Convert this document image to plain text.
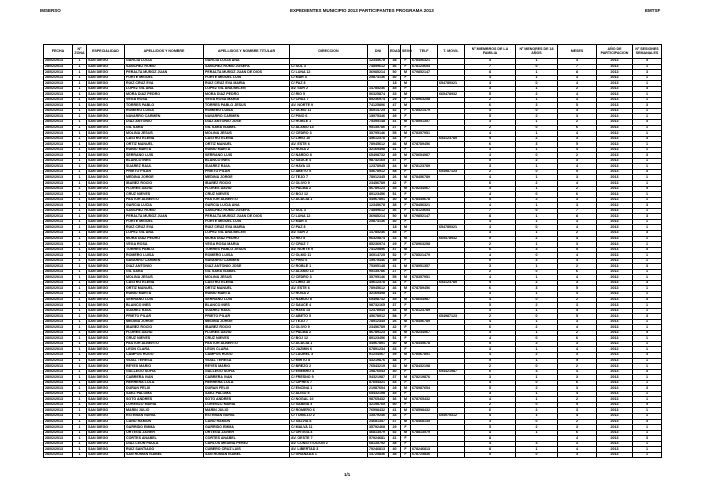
IMSERSO	EXPEDIENTES MUNICIPIO 2013 PARTICIPANTES PROGRAMA 2013	EMTSF
FECHA	Nº ZONA	ESPECIALIDAD	APELLIDOS Y NOMBRE	APELLIDOS Y NOMBRE TITULAR	DIRECCION	DNI	EDAD	SEXO	TELF	T. MOVIL	Nº MIEMBROS DE LA FAMILIA	Nº MENORES DE 18 AÑOS	MESES	AÑO DE PARTICIPACION	Nº SESIONES SEMANALES
28/02/2013	1	SAN DIEGO	GARCIA LUCIA	GARCIA LUCIA ANA		12345678	38	F	678456321		4	1	3	2013	3
28/02/2013	1	SAN DIEGO	SANCHEZ ROMO	SANCHEZ ROMO JOSEFA	C/ SOL 3	74859612	36	F	678123654		7	0	7	2013	1
28/02/2013	1	SAN DIEGO	PERALTA MUÑOZ JUAN	PERALTA MUÑOZ JUAN DE DIOS	C/ LUNA 12	36985214	50	M	679852147		8	1	8	2013	3
28/02/2013	1	SAN DIEGO	FORTE MIGUEL	FORTE MIGUEL LUIS	C/ MAR 4	25874136	40	F			4	1	3	2013	1
28/02/2013	1	SAN DIEGO	RUIZ CRUZ EVA	RUIZ CRUZ EVA MARIA	C/ PAZ 8		18	M		654789321	4	0	4	2013	1
28/02/2013	1	SAN DIEGO	LOPEZ GIL ANA	LOPEZ GIL ANA BELEN	AV. SUR 2	14785236	45	F			3	1	2	2013	3
28/02/2013	1	SAN DIEGO	MORA DIAZ PEDRO	MORA DIAZ PEDRO	C/ RIO 5	96325874	33	M		665478932	5	2	4	2013	1
28/02/2013	1	SAN DIEGO	VEGA ROSA	VEGA ROSA MARIA	C/ CRUZ 7	85236974	29	F	678963258		2	1	3	2013	1
28/02/2013	1	SAN DIEGO	TORRES PABLO	TORRES PABLO JESUS	AV. NORTE 9	74125896	47	M			6	3	5	2013	3
28/02/2013	1	SAN DIEGO	ROMERO LUISA	ROMERO LUISA	C/ OLMO 11	36914725	52	F	678521479		4	0	4	2013	1
28/02/2013	1	SAN DIEGO	NAVARRO CARMEN	NAVARRO CARMEN	C/ PINO 6	15975346	39	F			5	2	3	2013	1
28/02/2013	1	SAN DIEGO	DIAZ ANTONIO	DIAZ ANTONIO JOSE	C/ ROBLE 1	75395148	41	M	678951357		3	1	2	2013	3
28/02/2013	1	SAN DIEGO	GIL SARA	GIL SARA ISABEL	C/ ALAMO 14	95135786	27	F			2	0	6	2013	1
28/02/2013	1	SAN DIEGO	MOLINA JESUS	MOLINA JESUS	C/ CEDRO 3	35795146	55	M	678357951		4	1	4	2013	1
28/02/2013	1	SAN DIEGO	CASTRO ELENA	CASTRO ELENA	C/ LIRIO 10	45612378	34	F		654123789	5	2	3	2013	3
28/02/2013	1	SAN DIEGO	ORTIZ MANUEL	ORTIZ MANUEL	AV. ESTE 6	78945612	46	M	678789456		6	3	5	2013	1
28/02/2013	1	SAN DIEGO	RUBIO MARTA	RUBIO MARTA	C/ ROSA 2	32165498	31	F			3	1	4	2013	1
28/02/2013	1	SAN DIEGO	SERRANO LUIS	SERRANO LUIS	C/ NARDO 8	65498732	49	M	678654987		4	0	2	2013	3
28/02/2013	1	SAN DIEGO	BLANCO INES	BLANCO INES	C/ SAUCE 4	98732165	37	F			5	2	3	2013	1
28/02/2013	1	SAN DIEGO	SUAREZ RAUL	SUAREZ RAUL	C/ HAYA 13	12378945	44	M	678123789		3	1	4	2013	1
28/02/2013	1	SAN DIEGO	PRIETO PILAR	PRIETO PILAR	C/ ABETO 5	45678912	58	F		654987123	2	0	5	2013	3
28/02/2013	1	SAN DIEGO	MEDINA JORGE	MEDINA JORGE	C/ TEJO 7	78912345	26	M	678456789		4	1	3	2013	1
28/02/2013	1	SAN DIEGO	IBAÑEZ ROCIO	IBAÑEZ ROCIO	C/ OLIVO 9	23456789	42	F			6	2	4	2013	1
28/02/2013	1	SAN DIEGO	FLORES DAVID	FLORES DAVID	C/ PALMA 2	56789123	35	M	678234567		3	1	2	2013	3
28/02/2013	1	SAN DIEGO	CRUZ NIEVES	CRUZ NIEVES	C/ BOJ 12	89123456	51	F			4	0	6	2013	1
28/02/2013	1	SAN DIEGO	PASTOR ALBERTO	PASTOR ALBERTO	C/ ACACIA 1	34567891	30	M	678345678		5	2	3	2013	1
28/02/2013	1	SAN DIEGO	GARCIA LUCIA	GARCIA LUCIA ANA		12345678	38	F	678456321		4	1	3	2013	3
28/02/2013	1	SAN DIEGO	SANCHEZ ROMO	SANCHEZ ROMO JOSEFA	C/ SOL 3	74859612	36	F	678123654		7	0	7	2013	1
28/02/2013	1	SAN DIEGO	PERALTA MUÑOZ JUAN	PERALTA MUÑOZ JUAN DE DIOS	C/ LUNA 12	36985214	50	M	679852147		8	1	8	2013	3
28/02/2013	1	SAN DIEGO	FORTE MIGUEL	FORTE MIGUEL LUIS	C/ MAR 4	25874136	40	F			4	1	3	2013	1
28/02/2013	1	SAN DIEGO	RUIZ CRUZ EVA	RUIZ CRUZ EVA MARIA	C/ PAZ 8		18	M		654789321	4	0	4	2013	1
28/02/2013	1	SAN DIEGO	LOPEZ GIL ANA	LOPEZ GIL ANA BELEN	AV. SUR 2	14785236	45	F			3	1	2	2013	3
28/02/2013	1	SAN DIEGO	MORA DIAZ PEDRO	MORA DIAZ PEDRO	C/ RIO 5	96325874	33	M		665478932	5	2	4	2013	1
28/02/2013	1	SAN DIEGO	VEGA ROSA	VEGA ROSA MARIA	C/ CRUZ 7	85236974	29	F	678963258		2	1	3	2013	1
28/02/2013	1	SAN DIEGO	TORRES PABLO	TORRES PABLO JESUS	AV. NORTE 9	74125896	47	M			6	3	5	2013	3
28/02/2013	1	SAN DIEGO	ROMERO LUISA	ROMERO LUISA	C/ OLMO 11	36914725	52	F	678521479		4	0	4	2013	1
28/02/2013	1	SAN DIEGO	NAVARRO CARMEN	NAVARRO CARMEN	C/ PINO 6	15975346	39	F			5	2	3	2013	1
28/02/2013	1	SAN DIEGO	DIAZ ANTONIO	DIAZ ANTONIO JOSE	C/ ROBLE 1	75395148	41	M	678951357		3	1	2	2013	3
28/02/2013	1	SAN DIEGO	GIL SARA	GIL SARA ISABEL	C/ ALAMO 14	95135786	27	F			2	0	6	2013	1
28/02/2013	1	SAN DIEGO	MOLINA JESUS	MOLINA JESUS	C/ CEDRO 3	35795146	55	M	678357951		4	1	4	2013	1
28/02/2013	1	SAN DIEGO	CASTRO ELENA	CASTRO ELENA	C/ LIRIO 10	45612378	34	F		654123789	5	2	3	2013	3
28/02/2013	1	SAN DIEGO	ORTIZ MANUEL	ORTIZ MANUEL	AV. ESTE 6	78945612	46	M	678789456		6	3	5	2013	1
28/02/2013	1	SAN DIEGO	RUBIO MARTA	RUBIO MARTA	C/ ROSA 2	32165498	31	F			3	1	4	2013	1
28/02/2013	1	SAN DIEGO	SERRANO LUIS	SERRANO LUIS	C/ NARDO 8	65498732	49	M	678654987		4	0	2	2013	3
28/02/2013	1	SAN DIEGO	BLANCO INES	BLANCO INES	C/ SAUCE 4	98732165	37	F			5	2	3	2013	1
28/02/2013	1	SAN DIEGO	SUAREZ RAUL	SUAREZ RAUL	C/ HAYA 13	12378945	44	M	678123789		3	1	4	2013	1
28/02/2013	1	SAN DIEGO	PRIETO PILAR	PRIETO PILAR	C/ ABETO 5	45678912	58	F		654987123	2	0	5	2013	3
28/02/2013	1	SAN DIEGO	MEDINA JORGE	MEDINA JORGE	C/ TEJO 7	78912345	26	M	678456789		4	1	3	2013	1
28/02/2013	1	SAN DIEGO	IBAÑEZ ROCIO	IBAÑEZ ROCIO	C/ OLIVO 9	23456789	42	F			6	2	4	2013	1
28/02/2013	1	SAN DIEGO	FLORES DAVID	FLORES DAVID	C/ PALMA 2	56789123	35	M	678234567		3	1	2	2013	3
28/02/2013	1	SAN DIEGO	CRUZ NIEVES	CRUZ NIEVES	C/ BOJ 12	89123456	51	F			4	0	6	2013	1
28/02/2013	1	SAN DIEGO	PASTOR ALBERTO	PASTOR ALBERTO	C/ ACACIA 1	34567891	30	M	678345678		5	2	3	2013	1
28/02/2013	1	SAN DIEGO	LEON CLARA	LEON CLARA	C/ JAZMIN 6	67891234	43	F			3	1	4	2013	1
28/02/2013	1	SAN DIEGO	CAMPOS HUGO	CAMPOS HUGO	C/ LAUREL 3	91234567	39	M	678567891		4	2	3	2013	3
28/02/2013	1	SAN DIEGO	VIDAL TERESA	VIDAL TERESA	C/ MIRTO 8	43219876	48	F			5	1	5	2013	1
28/02/2013	1	SAN DIEGO	REYES MARIO	REYES MARIO	C/ BREZO 2	76543219	32	M	678432198		2	0	2	2013	1
28/02/2013	1	SAN DIEGO	GALLEGO SOFIA	GALLEGO SOFIA	C/ ENEBRO 4	19876543	40	F		654321987	6	3	4	2013	3
28/02/2013	1	SAN DIEGO	CABRERA IVAN	CABRERA IVAN	C/ FRESNO 9	54321987	37	M	678219876		3	1	3	2013	1
28/02/2013	1	SAN DIEGO	HERRERA LOLA	HERRERA LOLA	C/ CIPRES 7	87654321	53	F			4	0	6	2013	1
28/02/2013	1	SAN DIEGO	DURAN FELIX	DURAN FELIX	C/ ENCINA 1	21987654	28	M	678987654		5	2	3	2013	3
28/02/2013	1	SAN DIEGO	SAEZ PALOMA	SAEZ PALOMA	C/ ALISO 5	65432198	45	F			3	1	4	2013	1
28/02/2013	1	SAN DIEGO	SOTO ANDRES	SOTO ANDRES	C/ NOGAL 10	98765432	36	M	678765432		4	1	2	2013	1
28/02/2013	1	SAN DIEGO	LORENZO MARIA	LORENZO MARIA	C/ SABINA 3	32198765	50	F			2	0	5	2013	3
28/02/2013	1	SAN DIEGO	MARIN JULIO	MARIN JULIO	C/ ROMERO 6	76598432	41	M	678598432		6	2	3	2013	1
28/02/2013	1	SAN DIEGO	ESTEBAN NURIA	ESTEBAN NURIA	C/ TOMILLO 2	13579246	34	F		654975312	4	1	4	2013	1
28/02/2013	1	SAN DIEGO	CANO RAMON	CANO RAMON	C/ SALVIA 8	24681357	47	M	678468135		3	0	2	2013	3
28/02/2013	1	SAN DIEGO	GARRIDO EMMA	GARRIDO EMMA	C/ MALVA 11	35792468	29	F			5	2	3	2013	1
28/02/2013	1	SAN DIEGO	ORTEGA JAVIER	ORTEGA JAVIER	C/ ORTIGA 4	46813579	52	M	678813579		4	1	6	2013	1
28/02/2013	1	SAN DIEGO	CORTES ANABEL	CORTES ANABEL	AV. OESTE 7	57924681	41	F			8		4	2013	3
28/02/2013	1	SAN DIEGO	DIAZ LEON PAULA	CARLOS MEDINA PEREZ	AV. CONSTITUCION 2	68135792	38	F			4	3	3	2013	1
28/02/2013	1	SAN DIEGO	RUIZ SANTIAGO	CUBERO CRUZ LUIS	AV. LIBERTAD 3	79246813	40	F	678246813		8	1	4	2013	1
28/02/2013	1	SAN DIEGO	SAN ROMAN ISABEL	SAN ROMAN ISABEL	C/ GRANADA 1	14725836	38	F	678725836		5	0	3	2013	1
1/1
